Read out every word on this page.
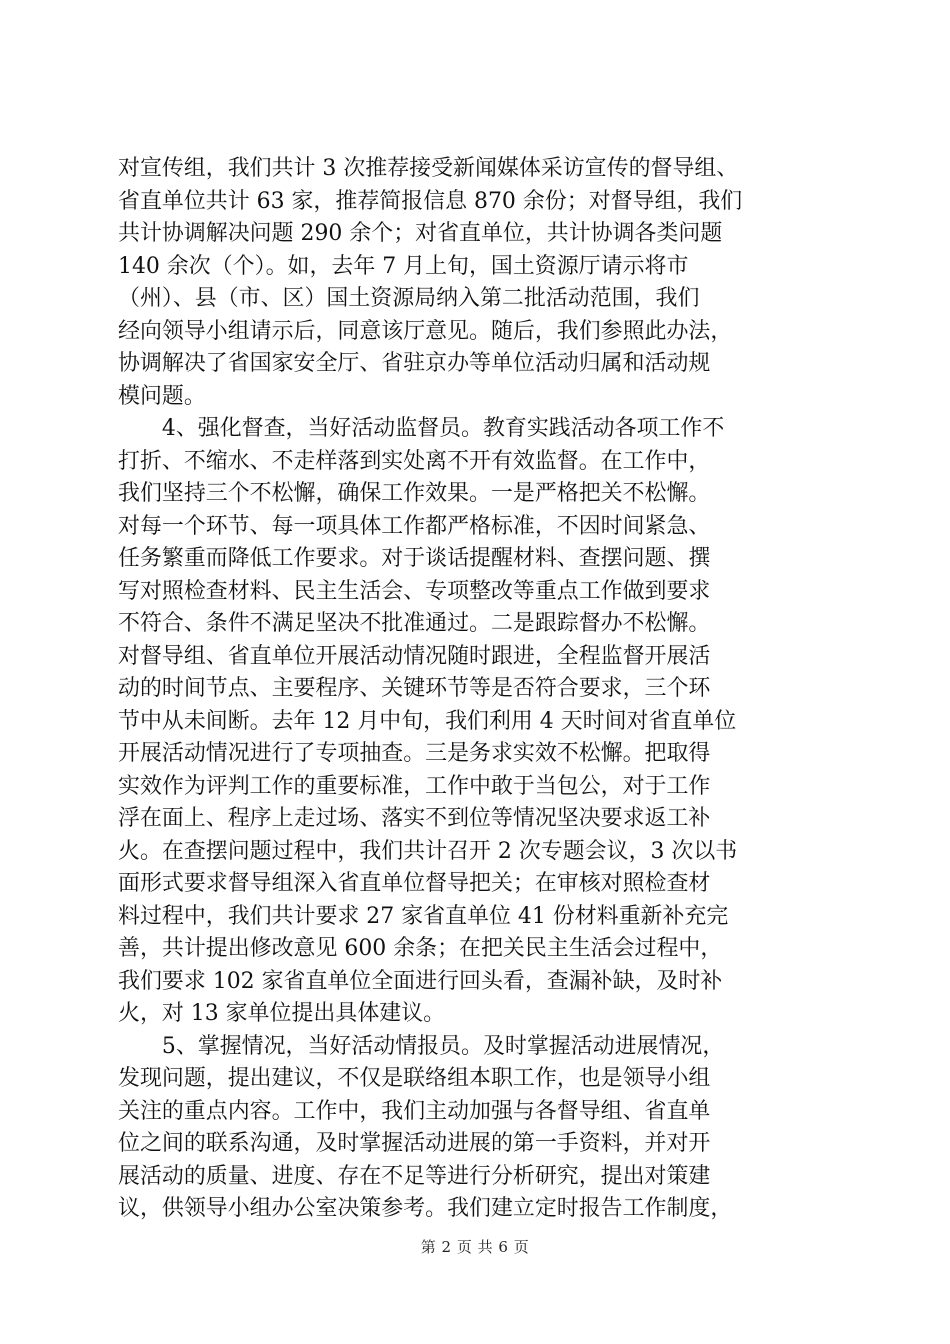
对宣传组，我们共计 3 次推荐接受新闻媒体采访宣传的督导组、
省直单位共计 63 家，推荐简报信息 870 余份；对督导组，我们
共计协调解决问题 290 余个；对省直单位，共计协调各类问题
140 余次（个）。如，去年 7 月上旬，国土资源厅请示将市
（州）、县（市、区）国土资源局纳入第二批活动范围，我们
经向领导小组请示后，同意该厅意见。随后，我们参照此办法，
协调解决了省国家安全厅、省驻京办等单位活动归属和活动规
模问题。
　　4、强化督查，当好活动监督员。教育实践活动各项工作不
打折、不缩水、不走样落到实处离不开有效监督。在工作中，
我们坚持三个不松懈，确保工作效果。一是严格把关不松懈。
对每一个环节、每一项具体工作都严格标准，不因时间紧急、
任务繁重而降低工作要求。对于谈话提醒材料、查摆问题、撰
写对照检查材料、民主生活会、专项整改等重点工作做到要求
不符合、条件不满足坚决不批准通过。二是跟踪督办不松懈。
对督导组、省直单位开展活动情况随时跟进，全程监督开展活
动的时间节点、主要程序、关键环节等是否符合要求，三个环
节中从未间断。去年 12 月中旬，我们利用 4 天时间对省直单位
开展活动情况进行了专项抽查。三是务求实效不松懈。把取得
实效作为评判工作的重要标准，工作中敢于当包公，对于工作
浮在面上、程序上走过场、落实不到位等情况坚决要求返工补
火。在查摆问题过程中，我们共计召开 2 次专题会议，3 次以书
面形式要求督导组深入省直单位督导把关；在审核对照检查材
料过程中，我们共计要求 27 家省直单位 41 份材料重新补充完
善，共计提出修改意见 600 余条；在把关民主生活会过程中，
我们要求 102 家省直单位全面进行回头看，查漏补缺，及时补
火，对 13 家单位提出具体建议。
　　5、掌握情况，当好活动情报员。及时掌握活动进展情况，
发现问题，提出建议，不仅是联络组本职工作，也是领导小组
关注的重点内容。工作中，我们主动加强与各督导组、省直单
位之间的联系沟通，及时掌握活动进展的第一手资料，并对开
展活动的质量、进度、存在不足等进行分析研究，提出对策建
议，供领导小组办公室决策参考。我们建立定时报告工作制度，
第 2 页 共 6 页
